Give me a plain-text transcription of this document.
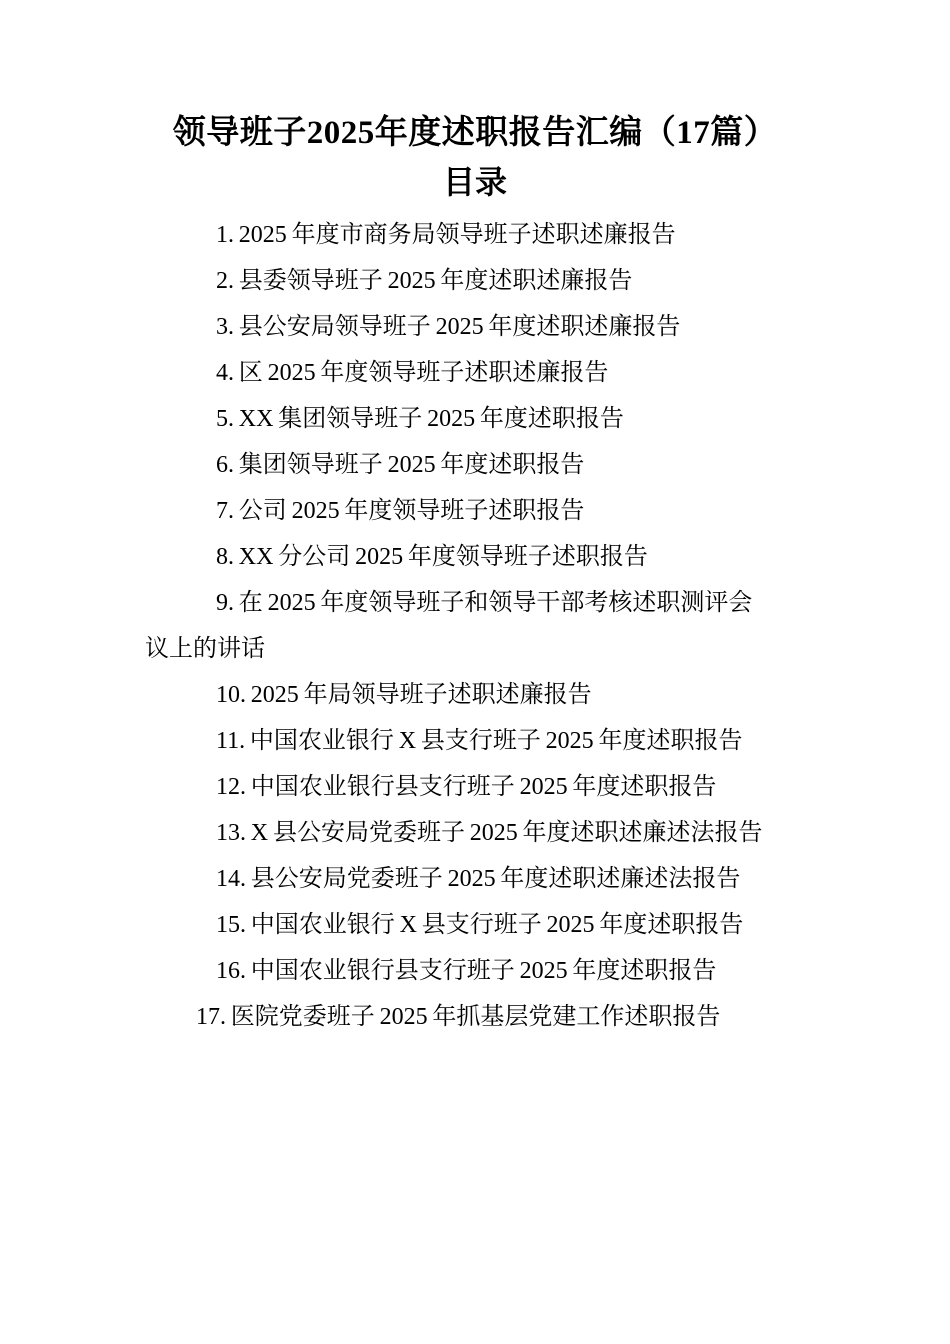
领导班子2025年度述职报告汇编（17篇）
目录
1. 2025 年度市商务局领导班子述职述廉报告
2. 县委领导班子 2025 年度述职述廉报告
3. 县公安局领导班子 2025 年度述职述廉报告
4. 区 2025 年度领导班子述职述廉报告
5. XX 集团领导班子 2025 年度述职报告
6. 集团领导班子 2025 年度述职报告
7. 公司 2025 年度领导班子述职报告
8. XX 分公司 2025 年度领导班子述职报告
9. 在 2025 年度领导班子和领导干部考核述职测评会
议上的讲话
10. 2025 年局领导班子述职述廉报告
11. 中国农业银行 X 县支行班子 2025 年度述职报告
12. 中国农业银行县支行班子 2025 年度述职报告
13. X 县公安局党委班子 2025 年度述职述廉述法报告
14. 县公安局党委班子 2025 年度述职述廉述法报告
15. 中国农业银行 X 县支行班子 2025 年度述职报告
16. 中国农业银行县支行班子 2025 年度述职报告
17. 医院党委班子 2025 年抓基层党建工作述职报告
